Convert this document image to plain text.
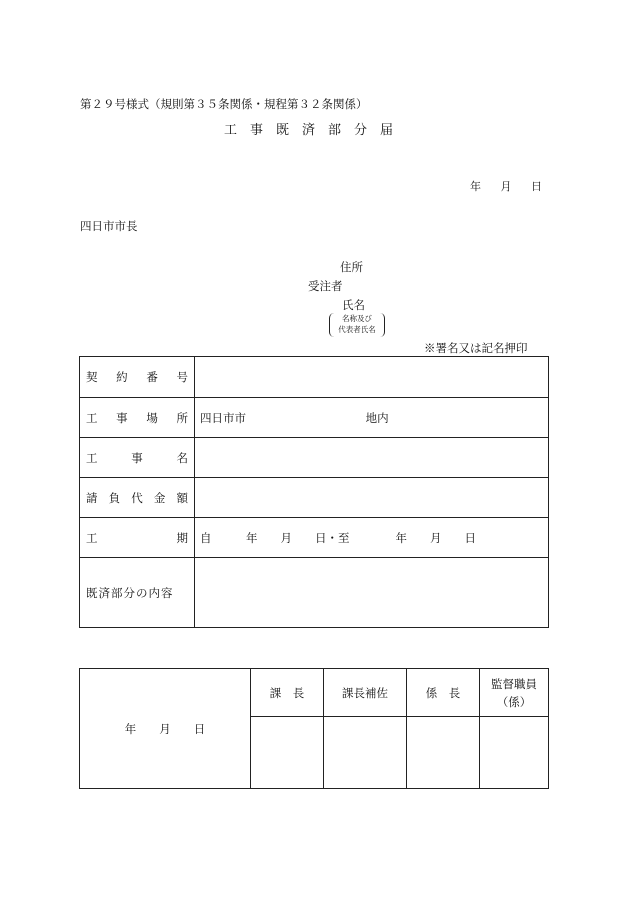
第２９号様式（規則第３５条関係・規程第３２条関係）
工事既済部分届
年 月 日
四日市市長
住所
受注者
氏名
名称及び
代表者氏名
※署名又は記名押印
契 約 番 号	

工 事 場 所	四日市市 地内

工 事 名	

請 負 代 金 額	

工 期	自　　　年　　月　　日・至　　　　年　　月　　日
既済部分の内容	
年　　月　　日	課　長	課長補佐	係　長	監督職員
（係）
